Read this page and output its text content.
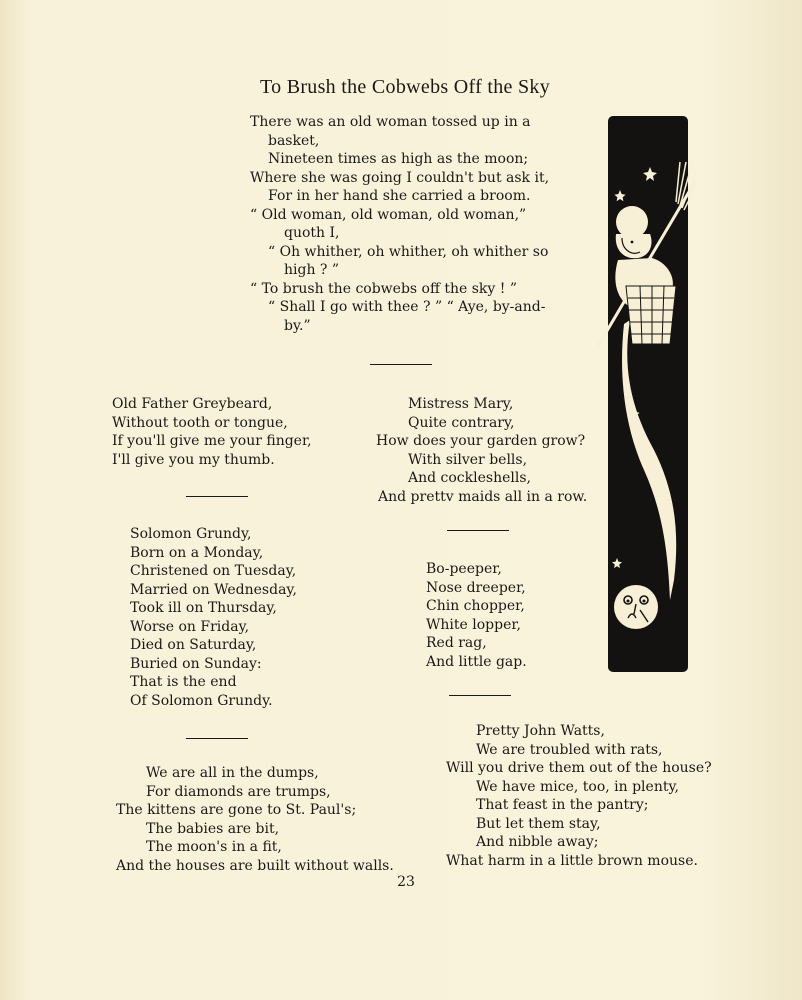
To Brush the Cobwebs Off the Sky
There was an old woman tossed up in a
basket,
Nineteen times as high as the moon;
Where she was going I couldn't but ask it,
For in her hand she carried a broom.
“ Old woman, old woman, old woman,”
quoth I,
“ Oh whither, oh whither, oh whither so
high ? ”
“ To brush the cobwebs off the sky ! ”
“ Shall I go with thee ? ” “ Aye, by-and-
by.”
Old Father Greybeard,
Without tooth or tongue,
If you'll give me your finger,
I'll give you my thumb.
Mistress Mary,
Quite contrary,
How does your garden grow?
With silver bells,
And cockleshells,
And prettv maids all in a row.
Solomon Grundy,
Born on a Monday,
Christened on Tuesday,
Married on Wednesday,
Took ill on Thursday,
Worse on Friday,
Died on Saturday,
Buried on Sunday:
That is the end
Of Solomon Grundy.
Bo-peeper,
Nose dreeper,
Chin chopper,
White lopper,
Red rag,
And little gap.
We are all in the dumps,
For diamonds are trumps,
The kittens are gone to St. Paul's;
The babies are bit,
The moon's in a fit,
And the houses are built without walls.
Pretty John Watts,
We are troubled with rats,
Will you drive them out of the house?
We have mice, too, in plenty,
That feast in the pantry;
But let them stay,
And nibble away;
What harm in a little brown mouse.
23
